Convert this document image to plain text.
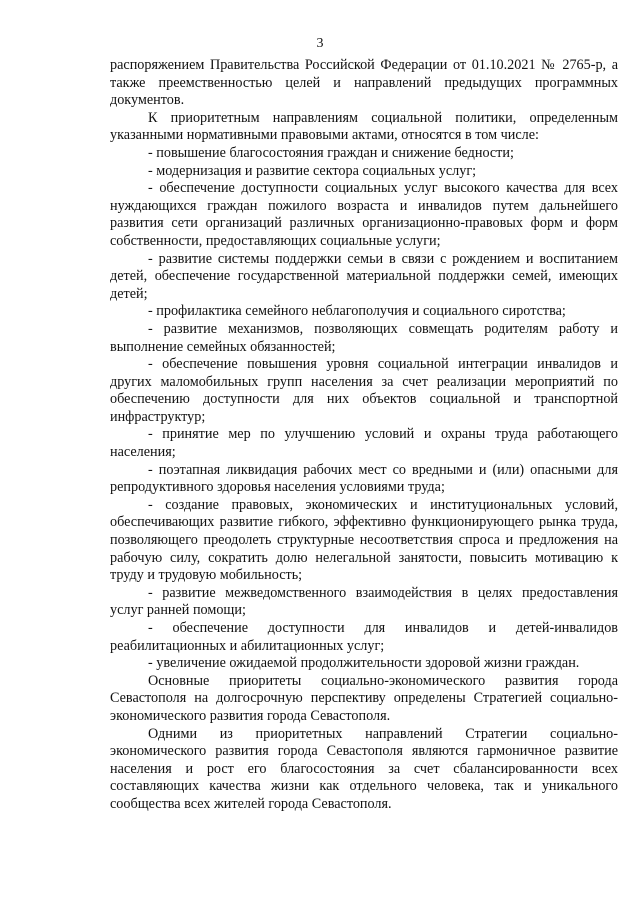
3

распоряжением Правительства Российской Федерации от 01.10.2021 № 2765-р, а также преемственностью целей и направлений предыдущих программных документов.

К приоритетным направлениям социальной политики, определенным указанными нормативными правовыми актами, относятся в том числе:

- повышение благосостояния граждан и снижение бедности;

- модернизация и развитие сектора социальных услуг;

- обеспечение доступности социальных услуг высокого качества для всех нуждающихся граждан пожилого возраста и инвалидов путем дальнейшего развития сети организаций различных организационно-правовых форм и форм собственности, предоставляющих социальные услуги;

- развитие системы поддержки семьи в связи с рождением и воспитанием детей, обеспечение государственной материальной поддержки семей, имеющих детей;

- профилактика семейного неблагополучия и социального сиротства;

- развитие механизмов, позволяющих совмещать родителям работу и выполнение семейных обязанностей;

- обеспечение повышения уровня социальной интеграции инвалидов и других маломобильных групп населения за счет реализации мероприятий по обеспечению доступности для них объектов социальной и транспортной инфраструктур;

- принятие мер по улучшению условий и охраны труда работающего населения;

- поэтапная ликвидация рабочих мест со вредными и (или) опасными для репродуктивного здоровья населения условиями труда;

- создание правовых, экономических и институциональных условий, обеспечивающих развитие гибкого, эффективно функционирующего рынка труда, позволяющего преодолеть структурные несоответствия спроса и предложения на рабочую силу, сократить долю нелегальной занятости, повысить мотивацию к труду и трудовую мобильность;

- развитие межведомственного взаимодействия в целях предоставления услуг ранней помощи;

- обеспечение доступности для инвалидов и детей-инвалидов реабилитационных и абилитационных услуг;

- увеличение ожидаемой продолжительности здоровой жизни граждан.

Основные приоритеты социально-экономического развития города Севастополя на долгосрочную перспективу определены Стратегией социально-экономического развития города Севастополя.

Одними из приоритетных направлений Стратегии социально-экономического развития города Севастополя являются гармоничное развитие населения и рост его благосостояния за счет сбалансированности всех составляющих качества жизни как отдельного человека, так и уникального сообщества всех жителей города Севастополя.
